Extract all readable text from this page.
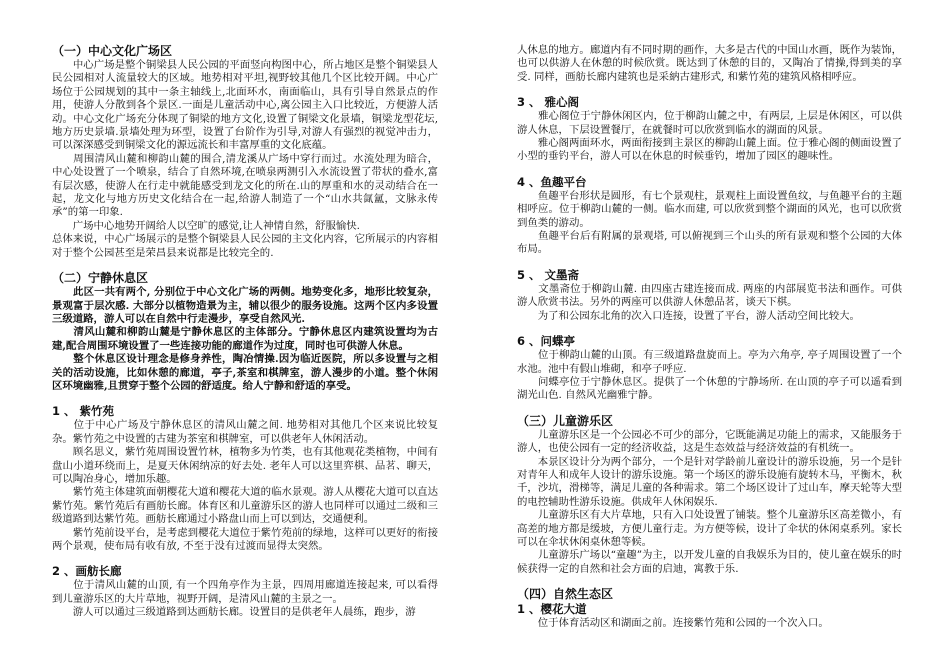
（一）中心文化广场区

　　中心广场是整个铜梁县人民公园的平面竖向构图中心，所占地区是整个铜梁县人民公园相对人流量较大的区域。地势相对平坦,视野较其他几个区比较开阔。中心广场位于公园规划的其中一条主轴线上,北面环水，南面临山，具有引导自然景点的作用，使游人分散到各个景区.一面是儿童活动中心,离公园主入口比较近，方便游人活动。中心文化广场充分体现了铜梁的地方文化,设置了铜梁文化景墙，铜梁龙型花坛,地方历史景墙.景墙处理为环型，设置了台阶作为引导,对游人有强烈的视觉冲击力，可以深深感受到铜梁文化的源远流长和丰富厚重的文化底蕴。

　　周围清风山麓和柳韵山麓的围合,清龙溪从广场中穿行而过。水流处理为暗合，中心处设置了一个喷泉，结合了自然环境,在喷泉两测引入水流设置了带状的叠水,富有层次感，使游人在行走中就能感受到龙文化的所在.山的厚重和水的灵动结合在一起，龙文化与地方历史文化结合在一起,给游人制造了一个“山水共氤氲，文脉永传承”的第一印象.

　　广场中心地势开阔给人以空旷的感觉,让人神情自然，舒服愉快.

总体来说，中心广场展示的是整个铜梁县人民公园的主文化内容，它所展示的内容相对于整个公园甚至是荣昌县来说都是比较完全的.

（二）宁静休息区

　　此区一共有两个, 分别位于中心文化广场的两侧。地势变化多，地形比较复杂，景观富于层次感. 大部分以植物造景为主，辅以很少的服务设施。这两个区内多设置三级道路，游人可以在自然中行走漫步，享受自然风光.

　　清风山麓和柳韵山麓是宁静休息区的主体部分。宁静休息区内建筑设置均为古建,配合周围环境设置了一些连接功能的廊道作为过度，同时也可供游人休息。

　　整个休息区设计理念是修身养性，陶冶情操.因为临近医院，所以多设置与之相关的活动设施，比如休憩的廊道，亭子,茶室和棋牌室，游人漫步的小道。整个休闲区环境幽雅,且贯穿于整个公园的舒适度。给人宁静和舒适的享受。

1 、 紫竹苑

　　位于中心广场及宁静休息区的清风山麓之间. 地势相对其他几个区来说比较复杂。紫竹苑之中设置的古建为茶室和棋牌室，可以供老年人休闲活动。

　　顾名思义，紫竹苑周围设置竹林，植物多为竹类，也有其他观花类植物，中间有盘山小道环绕而上，是夏天休闲纳凉的好去处. 老年人可以这里弈棋、品茗、聊天，可以陶冶身心，增加乐趣。

　　紫竹苑主体建筑面朝樱花大道和樱花大道的临水景观。游人从樱花大道可以直达紫竹苑。紫竹苑后有画舫长廊。体育区和儿童游乐区的游人也同样可以通过二级和三级道路到达紫竹苑。画舫长廊通过小路盘山而上可以到达，交通便利。

　　紫竹苑前设平台，是考虑到樱花大道位于紫竹苑前的绿地，这样可以更好的衔接两个景观，使布局有收有放, 不至于没有过渡而显得太突然。

2 、画舫长廊

　　位于清风山麓的山顶, 有一个四角亭作为主景，四周用廊道连接起来, 可以看得到儿童游乐区的大片草地，视野开阔，是清风山麓的主景之一。

　　游人可以通过三级道路到达画舫长廊。设置目的是供老年人晨练，跑步，游

人休息的地方。廊道内有不同时期的画作，大多是古代的中国山水画，既作为装饰，也可以供游人在休憩的时候欣赏。既达到了休憩的目的，又陶冶了情操,得到美的享受. 同样，画舫长廊内建筑也是采納古建形式, 和紫竹苑的建筑风格相呼应。

3 、 雅心阁

　　雅心阁位于宁静休闲区内，位于柳韵山麓之中，有两层, 上层是休闲区，可以供游人休息，下层设置餐厅，在就餐时可以欣赏到临水的湖面的风景。

　　雅心阁两面环水，两面衔接到主景区的柳韵山麓上面。位于雅心阁的侧面设置了小型的垂钓平台，游人可以在休息的时候垂钓，增加了园区的趣味性。

4 、鱼趣平台

　　鱼趣平台形状是圆形，有七个景观柱，景观柱上面设置鱼纹，与鱼趣平台的主题相呼应。位于柳韵山麓的一侧。临水而建, 可以欣赏到整个湖面的风光，也可以欣赏到鱼类的游动。

　　鱼趣平台后有附属的景观塔, 可以俯视到三个山头的所有景观和整个公园的大体布局。

5 、 文墨斋

　　文墨斋位于柳韵山麓. 由四座古建连接而成. 两座的内部展览书法和画作。可供游人欣赏书法。另外的两座可以供游人休憩品茗，谈天下棋。

　　为了和公园东北角的次入口连接，设置了平台，游人活动空间比较大。

6 、问蝶亭

　　位于柳韵山麓的山顶。有三级道路盘旋而上。亭为六角亭, 亭子周围设置了一个水池。池中有假山堆砌，和亭子呼应.

　　问蝶亭位于宁静休息区。提供了一个休憩的宁静场所. 在山顶的亭子可以遥看到湖光山色. 自然风光幽雅宁静。

（三）儿童游乐区

　　儿童游乐区是一个公园必不可少的部分，它既能满足功能上的需求，又能服务于游人，也使公园有一定的经济收益，这是生态效益与经济效益的有机统一。

　　本景区设计分为两个部分，一个是针对学龄前儿童设计的游乐设施，另一个是针对青年人和成年人设计的游乐设施。第一个场区的游乐设施有旋转木马，平衡木，秋千，沙坑，滑梯等，满足儿童的各种需求。第二个场区设计了过山车，摩天轮等大型的电控辅助性游乐设施。供成年人休闲娱乐.

　　儿童游乐区有大片草地，只有入口处设置了铺装。整个儿童游乐区高差微小，有高差的地方都是缓坡，方便儿童行走。为方便等候，设计了伞状的休闲桌系列。家长可以在伞状休闲桌休憩等候。

　　儿童游乐广场以“童趣”为主，以开发儿童的自我娱乐为目的，使儿童在娱乐的时候获得一定的自然和社会方面的启迪，寓教于乐.

（四）自然生态区
1 、樱花大道

　　位于体育活动区和湖面之前。连接紫竹苑和公园的一个次入口。
